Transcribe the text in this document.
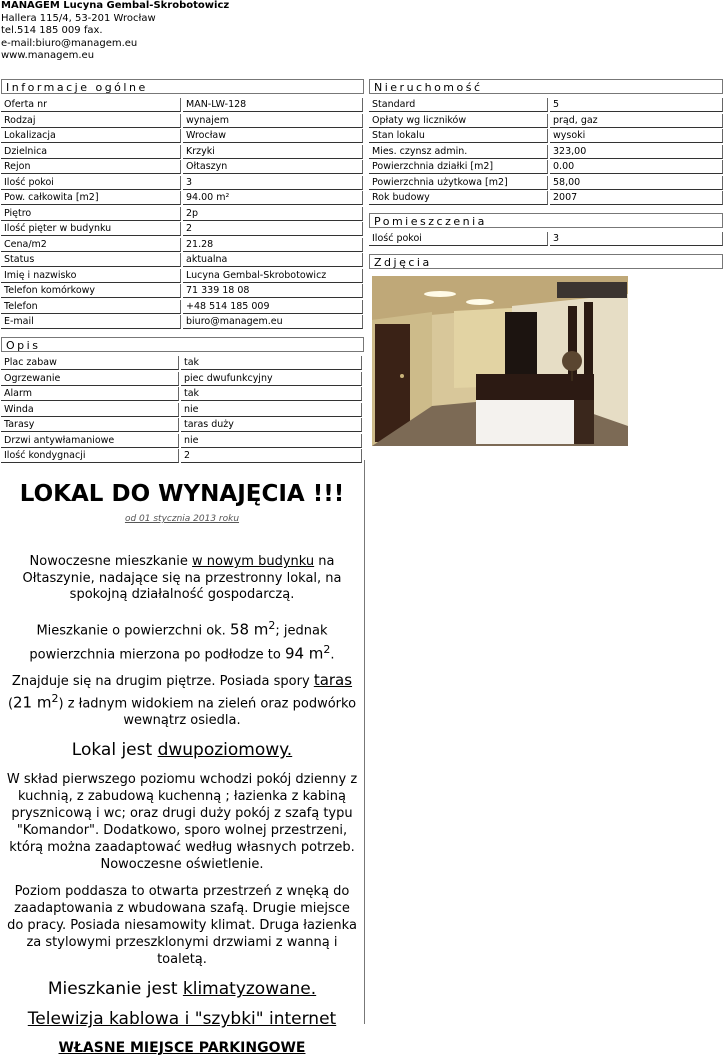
MANAGEM Lucyna Gembal-Skrobotowicz
Hallera 115/4, 53-201 Wrocław
tel.514 185 009 fax.
e-mail:biuro@managem.eu
www.managem.eu
Informacje ogólne
Oferta nr	MAN-LW-128
Rodzaj	wynajem
Lokalizacja	Wrocław
Dzielnica	Krzyki
Rejon	Ołtaszyn
Ilość pokoi	3
Pow. całkowita [m2]	94.00 m²
Piętro	2p
Ilość pięter w budynku	2
Cena/m2	21.28
Status	aktualna
Imię i nazwisko	Lucyna Gembal-Skrobotowicz
Telefon komórkowy	71 339 18 08
Telefon	+48 514 185 009
E-mail	biuro@managem.eu
Opis
Plac zabaw	tak
Ogrzewanie	piec dwufunkcyjny
Alarm	tak
Winda	nie
Tarasy	taras duży
Drzwi antywłamaniowe	nie
Ilość kondygnacji	2
Nieruchomość
Standard	5
Opłaty wg liczników	prąd, gaz
Stan lokalu	wysoki
Mies. czynsz admin.	323,00
Powierzchnia działki [m2]	0.00
Powierzchnia użytkowa [m2]	58,00
Rok budowy	2007
Pomieszczenia
Ilość pokoi	3
Zdjęcia

LOKAL DO WYNAJĘCIA !!!

od 01 stycznia 2013 roku

Nowoczesne mieszkanie w nowym budynku na Ołtaszynie, nadające się na przestronny lokal, na spokojną działalność gospodarczą.

Mieszkanie o powierzchni ok. 58 $m^2$; jednak powierzchnia mierzona po podłodze to 94 $m^2$.

Znajduje się na drugim piętrze. Posiada spory taras (21 $m^2$) z ładnym widokiem na zieleń oraz podwórko wewnątrz osiedla.

Lokal jest dwupoziomowy.

W skład pierwszego poziomu wchodzi pokój dzienny z kuchnią, z zabudową kuchenną ; łazienka z kabiną prysznicową i wc; oraz drugi duży pokój z szafą typu "Komandor". Dodatkowo, sporo wolnej przestrzeni, którą można zaadaptować według własnych potrzeb. Nowoczesne oświetlenie.

Poziom poddasza to otwarta przestrzeń z wnęką do zaadaptowania z wbudowana szafą. Drugie miejsce do pracy. Posiada niesamowity klimat. Druga łazienka za stylowymi przeszklonymi drzwiami z wanną i toaletą.

Mieszkanie jest klimatyzowane.

Telewizja kablowa i "szybki" internet

WŁASNE MIEJSCE PARKINGOWE
